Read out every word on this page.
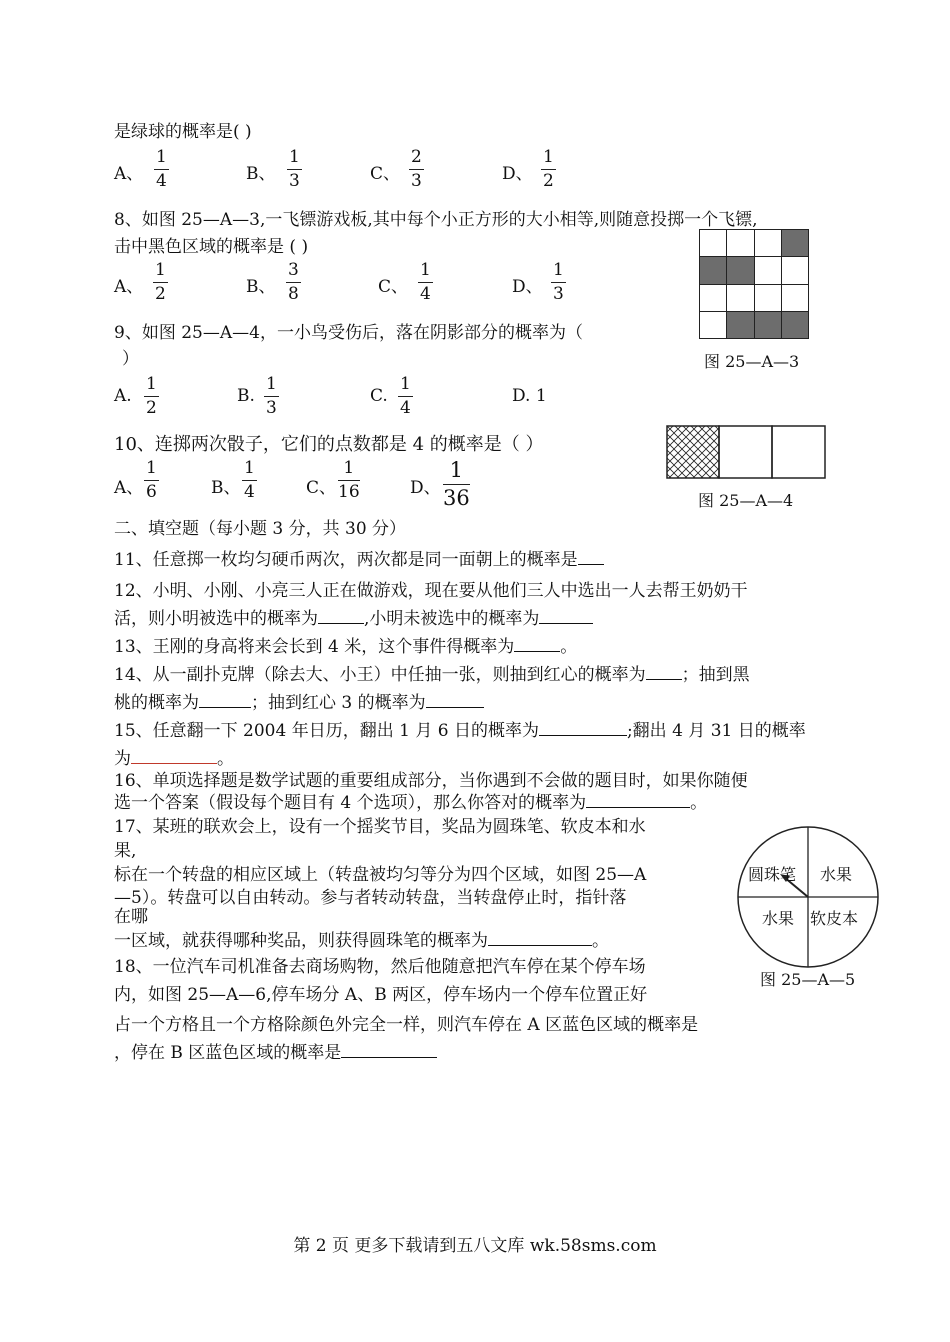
是绿球的概率是( )
A、
1
4	B、
1
3	C、
2
3	D、
1
2
8、如图 25—A—3,一飞镖游戏板,其中每个小正方形的大小相等,则随意投掷一个飞镖,
击中黑色区域的概率是 ( )
A、
1
2	B、
3
8	C、
1
4	D、
1
3
图 25—A—3
9、如图 25—A—4，一小鸟受伤后，落在阴影部分的概率为（
）
A.
1
2
B.
1
3
C.
1
4
D. 1
图 25—A—4
10、连掷两次骰子，它们的点数都是 4 的概率是（ ）
A、
1
6	B、
1
4	C、
1
16	D、
1
36
二、填空题（每小题 3 分，共 30 分）
11、任意掷一枚均匀硬币两次，两次都是同一面朝上的概率是
12、小明、小刚、小亮三人正在做游戏，现在要从他们三人中选出一人去帮王奶奶干
活，则小明被选中的概率为	,小明未被选中的概率为
13、王刚的身高将来会长到 4 米，这个事件得概率为	。
14、从一副扑克牌（除去大、小王）中任抽一张，则抽到红心的概率为 ；抽到黑
桃的概率为	；抽到红心 3 的概率为
15、任意翻一下 2004 年日历，翻出 1 月 6 日的概率为	;翻出 4 月 31 日的概率
为	。
16、单项选择题是数学试题的重要组成部分，当你遇到不会做的题目时，如果你随便
选一个答案（假设每个题目有 4 个选项），那么你答对的概率为	。
17、某班的联欢会上，设有一个摇奖节目，奖品为圆珠笔、软皮本和水
果,
标在一个转盘的相应区域上（转盘被均匀等分为四个区域，如图 25—A
—5）。转盘可以自由转动。参与者转动转盘，当转盘停止时，指针落
在哪
一区域，就获得哪种奖品，则获得圆珠笔的概率为	。
圆珠笔 水果
水果 软皮本
图 25—A—5
18、一位汽车司机准备去商场购物，然后他随意把汽车停在某个停车场
内，如图 25—A—6,停车场分 A、B 两区，停车场内一个停车位置正好
占一个方格且一个方格除颜色外完全一样，则汽车停在 A 区蓝色区域的概率是
，停在 B 区蓝色区域的概率是
第 2 页 更多下载请到五八文库 wk.58sms.com
